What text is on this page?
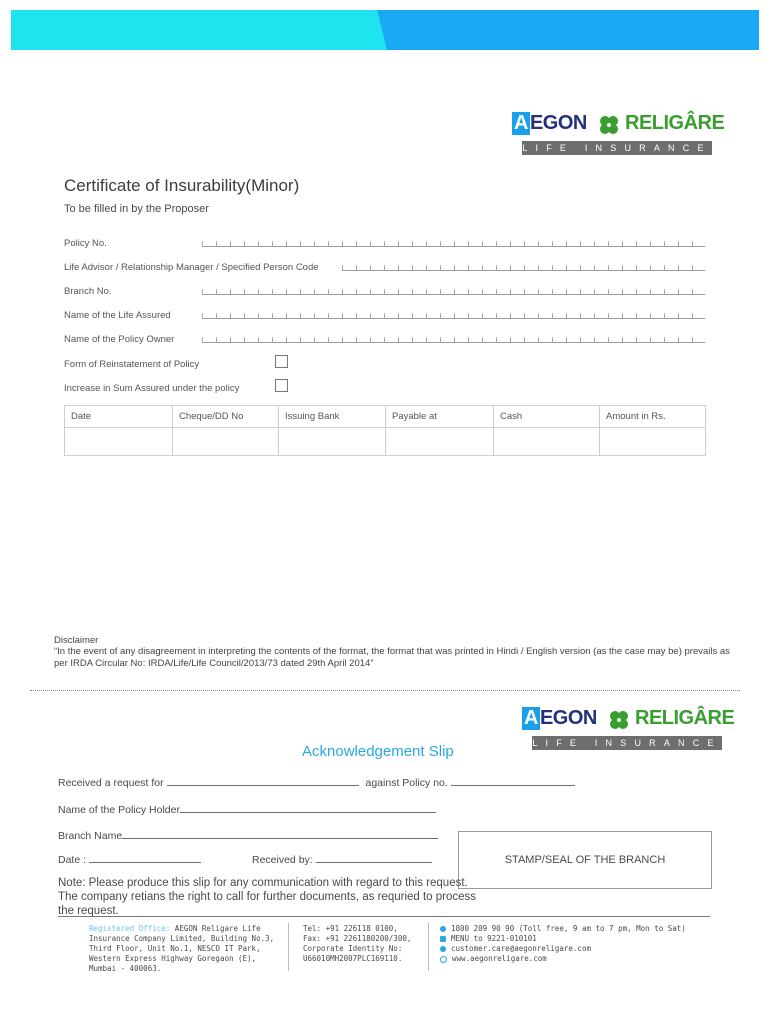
A EGON RELIGÂRE
LIFE INSURANCE
Certificate of Insurability(Minor)
To be filled in by the Proposer
Policy No.
Life Advisor / Relationship Manager / Specified Person Code
Branch No.
Name of the Life Assured
Name of the Policy Owner
Form of Reinstatement of Policy
Increase in Sum Assured under the policy
Date	Cheque/DD No	Issuing Bank	Payable at	Cash	Amount in Rs.

Disclaimer
“In the event of any disagreement in interpreting the contents of the format, the format that was printed in Hindi / English version (as the case may be) prevails as per IRDA Circular No: IRDA/Life/Life Council/2013/73 dated 29th April 2014”
A EGON RELIGÂRE
LIFE INSURANCE
Acknowledgement Slip
Received a request for	against Policy no.
Name of the Policy Holder
Branch Name
Date :	Received by:	STAMP/SEAL OF THE BRANCH
Note: Please produce this slip for any communication with regard to this request.
The company retians the right to call for further documents, as requried to process the request.
Registered Office: AEGON Religare Life
Insurance Company Limited, Building No.3,
Third Floor, Unit No.1, NESCO IT Park,
Western Express Highway Goregaon (E),
Mumbai - 400063.
Tel: +91 226118 0100,
Fax: +91 2261180200/300,
Corporate Identity No:
U66010MH2007PLC169110.
1800 209 90 90 (Toll free, 9 am to 7 pm, Mon to Sat)
MENU to 9221-010101
customer.care@aegonreligare.com
www.aegonreligare.com
